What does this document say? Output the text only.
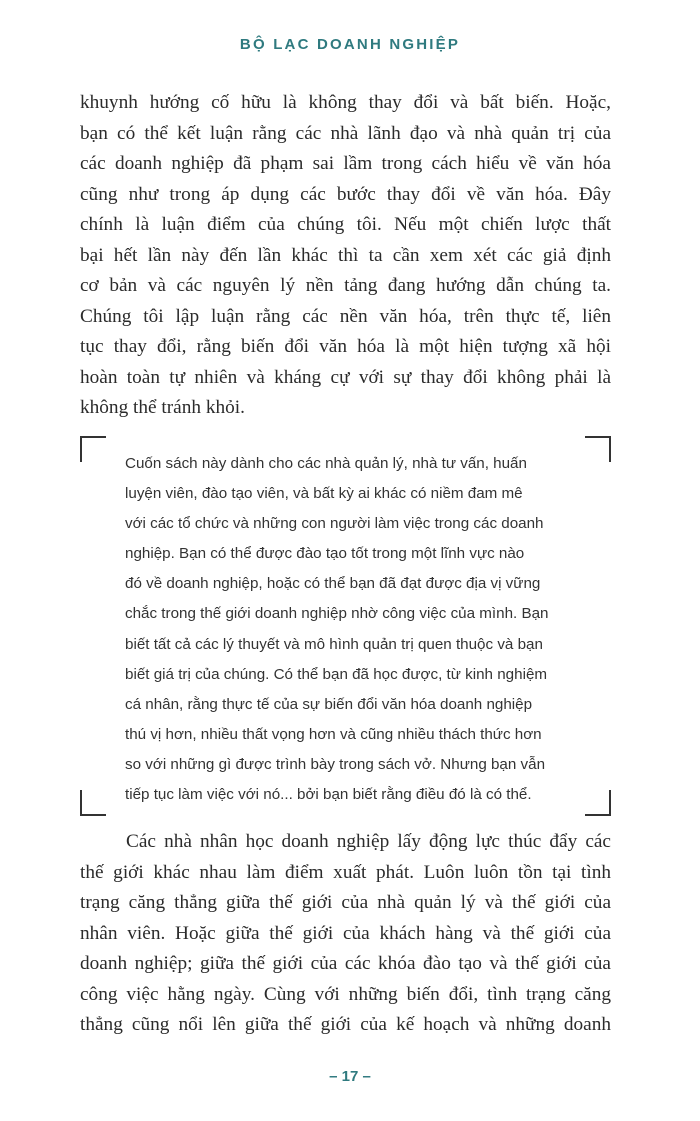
BỘ LẠC DOANH NGHIỆP

khuynh hướng cố hữu là không thay đổi và bất biến. Hoặc,
bạn có thể kết luận rằng các nhà lãnh đạo và nhà quản trị của
các doanh nghiệp đã phạm sai lầm trong cách hiểu về văn hóa
cũng như trong áp dụng các bước thay đổi về văn hóa. Đây
chính là luận điểm của chúng tôi. Nếu một chiến lược thất
bại hết lần này đến lần khác thì ta cần xem xét các giả định
cơ bản và các nguyên lý nền tảng đang hướng dẫn chúng ta.
Chúng tôi lập luận rằng các nền văn hóa, trên thực tế, liên
tục thay đổi, rằng biến đổi văn hóa là một hiện tượng xã hội
hoàn toàn tự nhiên và kháng cự với sự thay đổi không phải là
không thể tránh khỏi.

Cuốn sách này dành cho các nhà quản lý, nhà tư vấn, huấn
luyện viên, đào tạo viên, và bất kỳ ai khác có niềm đam mê
với các tổ chức và những con người làm việc trong các doanh
nghiệp. Bạn có thể được đào tạo tốt trong một lĩnh vực nào
đó về doanh nghiệp, hoặc có thể bạn đã đạt được địa vị vững
chắc trong thế giới doanh nghiệp nhờ công việc của mình. Bạn
biết tất cả các lý thuyết và mô hình quản trị quen thuộc và bạn
biết giá trị của chúng. Có thể bạn đã học được, từ kinh nghiệm
cá nhân, rằng thực tế của sự biến đổi văn hóa doanh nghiệp
thú vị hơn, nhiều thất vọng hơn và cũng nhiều thách thức hơn
so với những gì được trình bày trong sách vở. Nhưng bạn vẫn
tiếp tục làm việc với nó... bởi bạn biết rằng điều đó là có thể.

Các nhà nhân học doanh nghiệp lấy động lực thúc đẩy các
thế giới khác nhau làm điểm xuất phát. Luôn luôn tồn tại tình
trạng căng thẳng giữa thế giới của nhà quản lý và thế giới của
nhân viên. Hoặc giữa thế giới của khách hàng và thế giới của
doanh nghiệp; giữa thế giới của các khóa đào tạo và thế giới của
công việc hằng ngày. Cùng với những biến đổi, tình trạng căng
thẳng cũng nổi lên giữa thế giới của kế hoạch và những doanh

– 17 –
